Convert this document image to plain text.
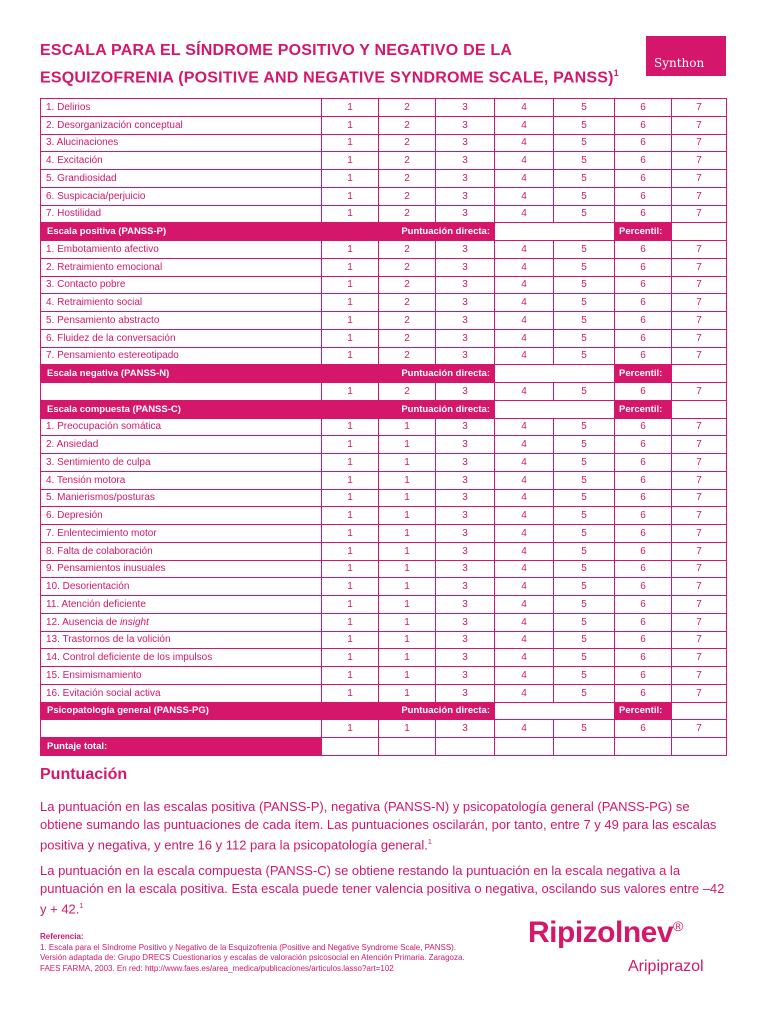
ESCALA PARA EL SÍNDROME POSITIVO Y NEGATIVO DE LA
ESQUIZOFRENIA (POSITIVE AND NEGATIVE SYNDROME SCALE, PANSS)$^1$
Synthon
1. Delirios	1	2	3	4	5	6	7
2. Desorganización conceptual	1	2	3	4	5	6	7
3. Alucinaciones	1	2	3	4	5	6	7
4. Excitación	1	2	3	4	5	6	7
5. Grandiosidad	1	2	3	4	5	6	7
6. Suspicacia/perjuicio	1	2	3	4	5	6	7
7. Hostilidad	1	2	3	4	5	6	7
Escala positiva (PANSS-P)	Puntuación directa:					Percentil:	
1. Embotamiento afectivo	1	2	3	4	5	6	7
2. Retraimiento emocional	1	2	3	4	5	6	7
3. Contacto pobre	1	2	3	4	5	6	7
4. Retraimiento social	1	2	3	4	5	6	7
5. Pensamiento abstracto	1	2	3	4	5	6	7
6. Fluidez de la conversación	1	2	3	4	5	6	7
7. Pensamiento estereotipado	1	2	3	4	5	6	7
Escala negativa (PANSS-N)	Puntuación directa:					Percentil:	
	1	2	3	4	5	6	7
Escala compuesta (PANSS-C)	Puntuación directa:					Percentil:	
1. Preocupación somática	1	1	3	4	5	6	7
2. Ansiedad	1	1	3	4	5	6	7
3. Sentimiento de culpa	1	1	3	4	5	6	7
4. Tensión motora	1	1	3	4	5	6	7
5. Manierismos/posturas	1	1	3	4	5	6	7
6. Depresión	1	1	3	4	5	6	7
7. Enlentecimiento motor	1	1	3	4	5	6	7
8. Falta de colaboración	1	1	3	4	5	6	7
9. Pensamientos inusuales	1	1	3	4	5	6	7
10. Desorientación	1	1	3	4	5	6	7
11. Atención deficiente	1	1	3	4	5	6	7
12. Ausencia de insight	1	1	3	4	5	6	7
13. Trastornos de la volición	1	1	3	4	5	6	7
14. Control deficiente de los impulsos	1	1	3	4	5	6	7
15. Ensimismamiento	1	1	3	4	5	6	7
16. Evitación social activa	1	1	3	4	5	6	7
Psicopatología general (PANSS-PG)	Puntuación directa:					Percentil:	
	1	1	3	4	5	6	7
Puntaje total:							
Puntuación
La puntuación en las escalas positiva (PANSS-P), negativa (PANSS-N) y psicopatología general (PANSS-PG) se obtiene sumando las puntuaciones de cada ítem. Las puntuaciones oscilarán, por tanto, entre 7 y 49 para las escalas positiva y negativa, y entre 16 y 112 para la psicopatología general.$^1$
La puntuación en la escala compuesta (PANSS-C) se obtiene restando la puntuación en la escala negativa a la puntuación en la escala positiva. Esta escala puede tener valencia positiva o negativa, oscilando sus valores entre –42 y + 42.$^1$
Referencia:
1. Escala para el Síndrome Positivo y Negativo de la Esquizofrenia (Positive and Negative Syndrome Scale, PANSS).
Versión adaptada de: Grupo DRECS Cuestionarios y escalas de valoración psicosocial en Atención Primaria. Zaragoza.
FAES FARMA, 2003. En red: http://www.faes.es/area_medica/publicaciones/articulos.lasso?art=102
Ripizolnev®
Aripiprazol
